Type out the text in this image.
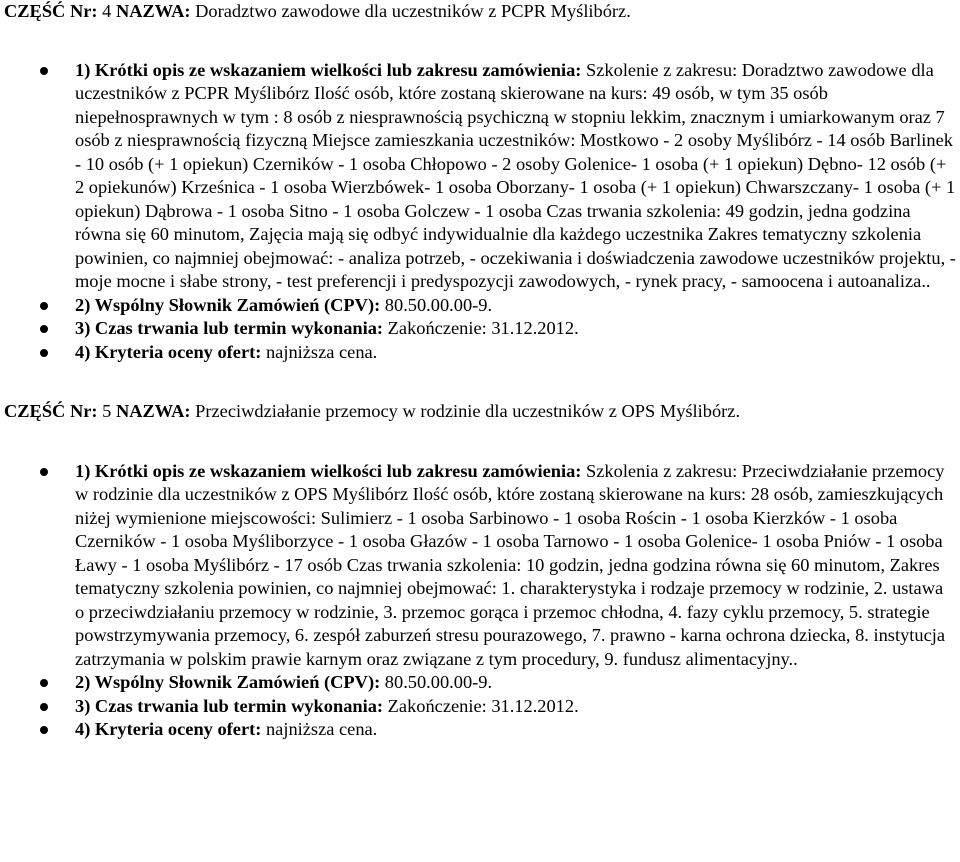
CZĘŚĆ Nr: 4 NAZWA: Doradztwo zawodowe dla uczestników z PCPR Myślibórz.

1) Krótki opis ze wskazaniem wielkości lub zakresu zamówienia: Szkolenie z zakresu: Doradztwo zawodowe dla uczestników z PCPR Myślibórz Ilość osób, które zostaną skierowane na kurs: 49 osób, w tym 35 osób niepełnosprawnych w tym : 8 osób z niesprawnością psychiczną w stopniu lekkim, znacznym i umiarkowanym oraz 7 osób z niesprawnością fizyczną Miejsce zamieszkania uczestników: Mostkowo - 2 osoby Myślibórz - 14 osób Barlinek - 10 osób (+ 1 opiekun) Czerników - 1 osoba Chłopowo - 2 osoby Golenice- 1 osoba (+ 1 opiekun) Dębno- 12 osób (+ 2 opiekunów) Krześnica - 1 osoba Wierzbówek- 1 osoba Oborzany- 1 osoba (+ 1 opiekun) Chwarszczany- 1 osoba (+ 1 opiekun) Dąbrowa - 1 osoba Sitno - 1 osoba Golczew - 1 osoba Czas trwania szkolenia: 49 godzin, jedna godzina równa się 60 minutom, Zajęcia mają się odbyć indywidualnie dla każdego uczestnika Zakres tematyczny szkolenia powinien, co najmniej obejmować: - analiza potrzeb, - oczekiwania i doświadczenia zawodowe uczestników projektu, - moje mocne i słabe strony, - test preferencji i predyspozycji zawodowych, - rynek pracy, - samoocena i autoanaliza..
2) Wspólny Słownik Zamówień (CPV): 80.50.00.00-9.
3) Czas trwania lub termin wykonania: Zakończenie: 31.12.2012.
4) Kryteria oceny ofert: najniższa cena.

CZĘŚĆ Nr: 5 NAZWA: Przeciwdziałanie przemocy w rodzinie dla uczestników z OPS Myślibórz.

1) Krótki opis ze wskazaniem wielkości lub zakresu zamówienia: Szkolenia z zakresu: Przeciwdziałanie przemocy w rodzinie dla uczestników z OPS Myślibórz Ilość osób, które zostaną skierowane na kurs: 28 osób, zamieszkujących niżej wymienione miejscowości: Sulimierz - 1 osoba Sarbinowo - 1 osoba Rościn - 1 osoba Kierzków - 1 osoba Czerników - 1 osoba Myśliborzyce - 1 osoba Głazów - 1 osoba Tarnowo - 1 osoba Golenice- 1 osoba Pniów - 1 osoba Ławy - 1 osoba Myślibórz - 17 osób Czas trwania szkolenia: 10 godzin, jedna godzina równa się 60 minutom, Zakres tematyczny szkolenia powinien, co najmniej obejmować: 1. charakterystyka i rodzaje przemocy w rodzinie, 2. ustawa o przeciwdziałaniu przemocy w rodzinie, 3. przemoc gorąca i przemoc chłodna, 4. fazy cyklu przemocy, 5. strategie powstrzymywania przemocy, 6. zespół zaburzeń stresu pourazowego, 7. prawno - karna ochrona dziecka, 8. instytucja zatrzymania w polskim prawie karnym oraz związane z tym procedury, 9. fundusz alimentacyjny..
2) Wspólny Słownik Zamówień (CPV): 80.50.00.00-9.
3) Czas trwania lub termin wykonania: Zakończenie: 31.12.2012.
4) Kryteria oceny ofert: najniższa cena.
